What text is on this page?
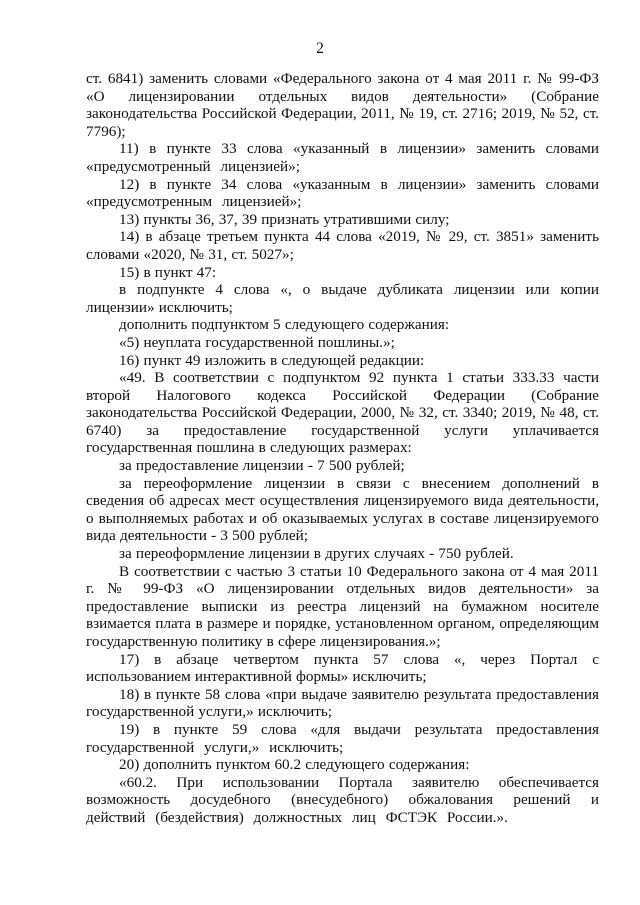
2

ст. 6841) заменить словами «Федерального закона от 4 мая 2011 г. № 99-ФЗ «О лицензировании отдельных видов деятельности» (Собрание законодательства Российской Федерации, 2011, № 19, ст. 2716; 2019, № 52, ст. 7796);

11) в пункте 33 слова «указанный в лицензии» заменить словами «предусмотренный лицензией»;

12) в пункте 34 слова «указанным в лицензии» заменить словами «предусмотренным лицензией»;

13) пункты 36, 37, 39 признать утратившими силу;

14) в абзаце третьем пункта 44 слова «2019, № 29, ст. 3851» заменить словами «2020, № 31, ст. 5027»;

15) в пункт 47:

в подпункте 4 слова «, о выдаче дубликата лицензии или копии лицензии» исключить;

дополнить подпунктом 5 следующего содержания:

«5) неуплата государственной пошлины.»;

16) пункт 49 изложить в следующей редакции:

«49. В соответствии с подпунктом 92 пункта 1 статьи 333.33 части второй Налогового кодекса Российской Федерации (Собрание законодательства Российской Федерации, 2000, № 32, ст. 3340; 2019, № 48, ст. 6740) за предоставление государственной услуги уплачивается государственная пошлина в следующих размерах:

за предоставление лицензии - 7 500 рублей;

за переоформление лицензии в связи с внесением дополнений в сведения об адресах мест осуществления лицензируемого вида деятельности, о выполняемых работах и об оказываемых услугах в составе лицензируемого вида деятельности - 3 500 рублей;

за переоформление лицензии в других случаях - 750 рублей.

В соответствии с частью 3 статьи 10 Федерального закона от 4 мая 2011 г. № 99-ФЗ «О лицензировании отдельных видов деятельности» за предоставление выписки из реестра лицензий на бумажном носителе взимается плата в размере и порядке, установленном органом, определяющим государственную политику в сфере лицензирования.»;

17) в абзаце четвертом пункта 57 слова «, через Портал с использованием интерактивной формы» исключить;

18) в пункте 58 слова «при выдаче заявителю результата предоставления государственной услуги,» исключить;

19) в пункте 59 слова «для выдачи результата предоставления государственной услуги,» исключить;

20) дополнить пунктом 60.2 следующего содержания:

«60.2. При использовании Портала заявителю обеспечивается возможность досудебного (внесудебного) обжалования решений и действий (бездействия) должностных лиц ФСТЭК России.».
